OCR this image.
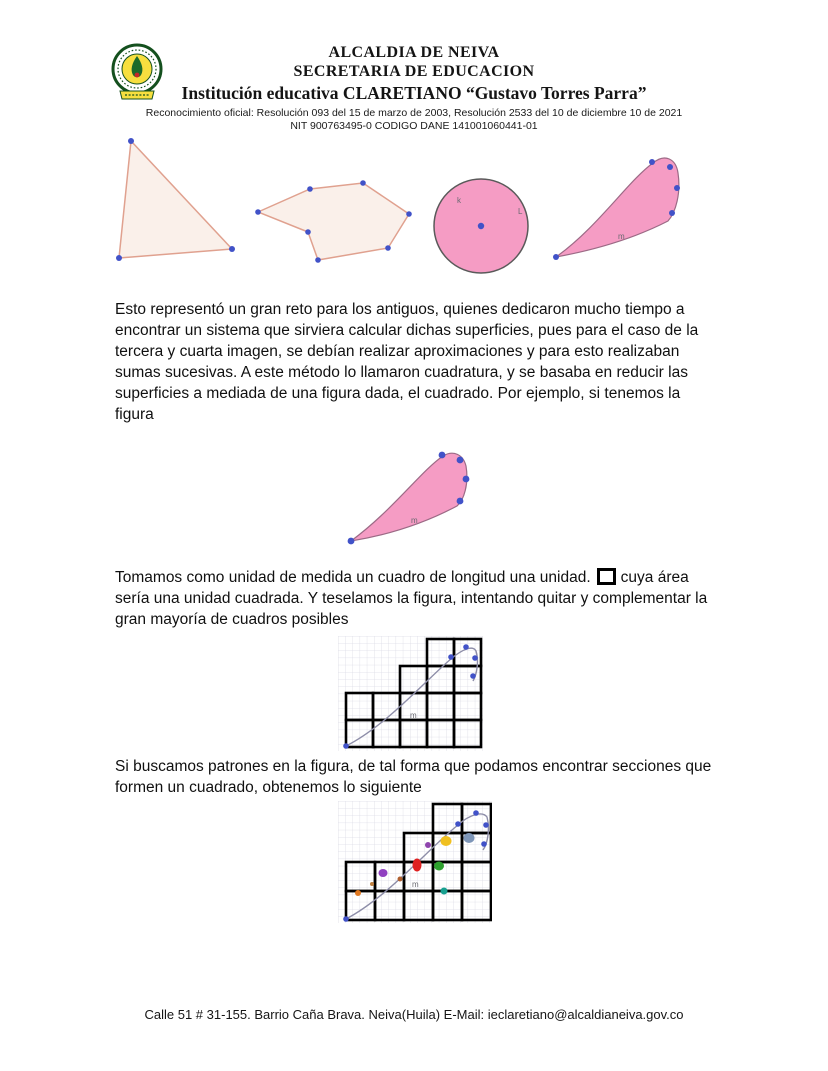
ALCALDIA DE NEIVA
SECRETARIA DE EDUCACION
Institución educativa CLARETIANO “Gustavo Torres Parra”
Reconocimiento oficial: Resolución 093 del 15 de marzo de 2003, Resolución 2533 del 10 de diciembre 10 de 2021
NIT 900763495-0 CODIGO DANE 141001060441-01
k
L
m

Esto representó un gran reto para los antiguos, quienes dedicaron mucho tiempo a encontrar un sistema que sirviera calcular dichas superficies, pues para el caso de la tercera y cuarta imagen, se debían realizar aproximaciones y para esto realizaban sumas sucesivas. A este método lo llamaron cuadratura, y se basaba en reducir las superficies a mediada de una figura dada, el cuadrado. Por ejemplo, si tenemos la figura

m

Tomamos como unidad de medida un cuadro de longitud una unidad. cuya área sería una unidad cuadrada. Y teselamos la figura, intentando quitar y complementar la gran mayoría de cuadros posibles

m

Si buscamos patrones en la figura, de tal forma que podamos encontrar secciones que formen un cuadrado, obtenemos lo siguiente

m
Calle 51 # 31-155. Barrio Caña Brava. Neiva(Huila) E-Mail: ieclaretiano@alcaldianeiva.gov.co
